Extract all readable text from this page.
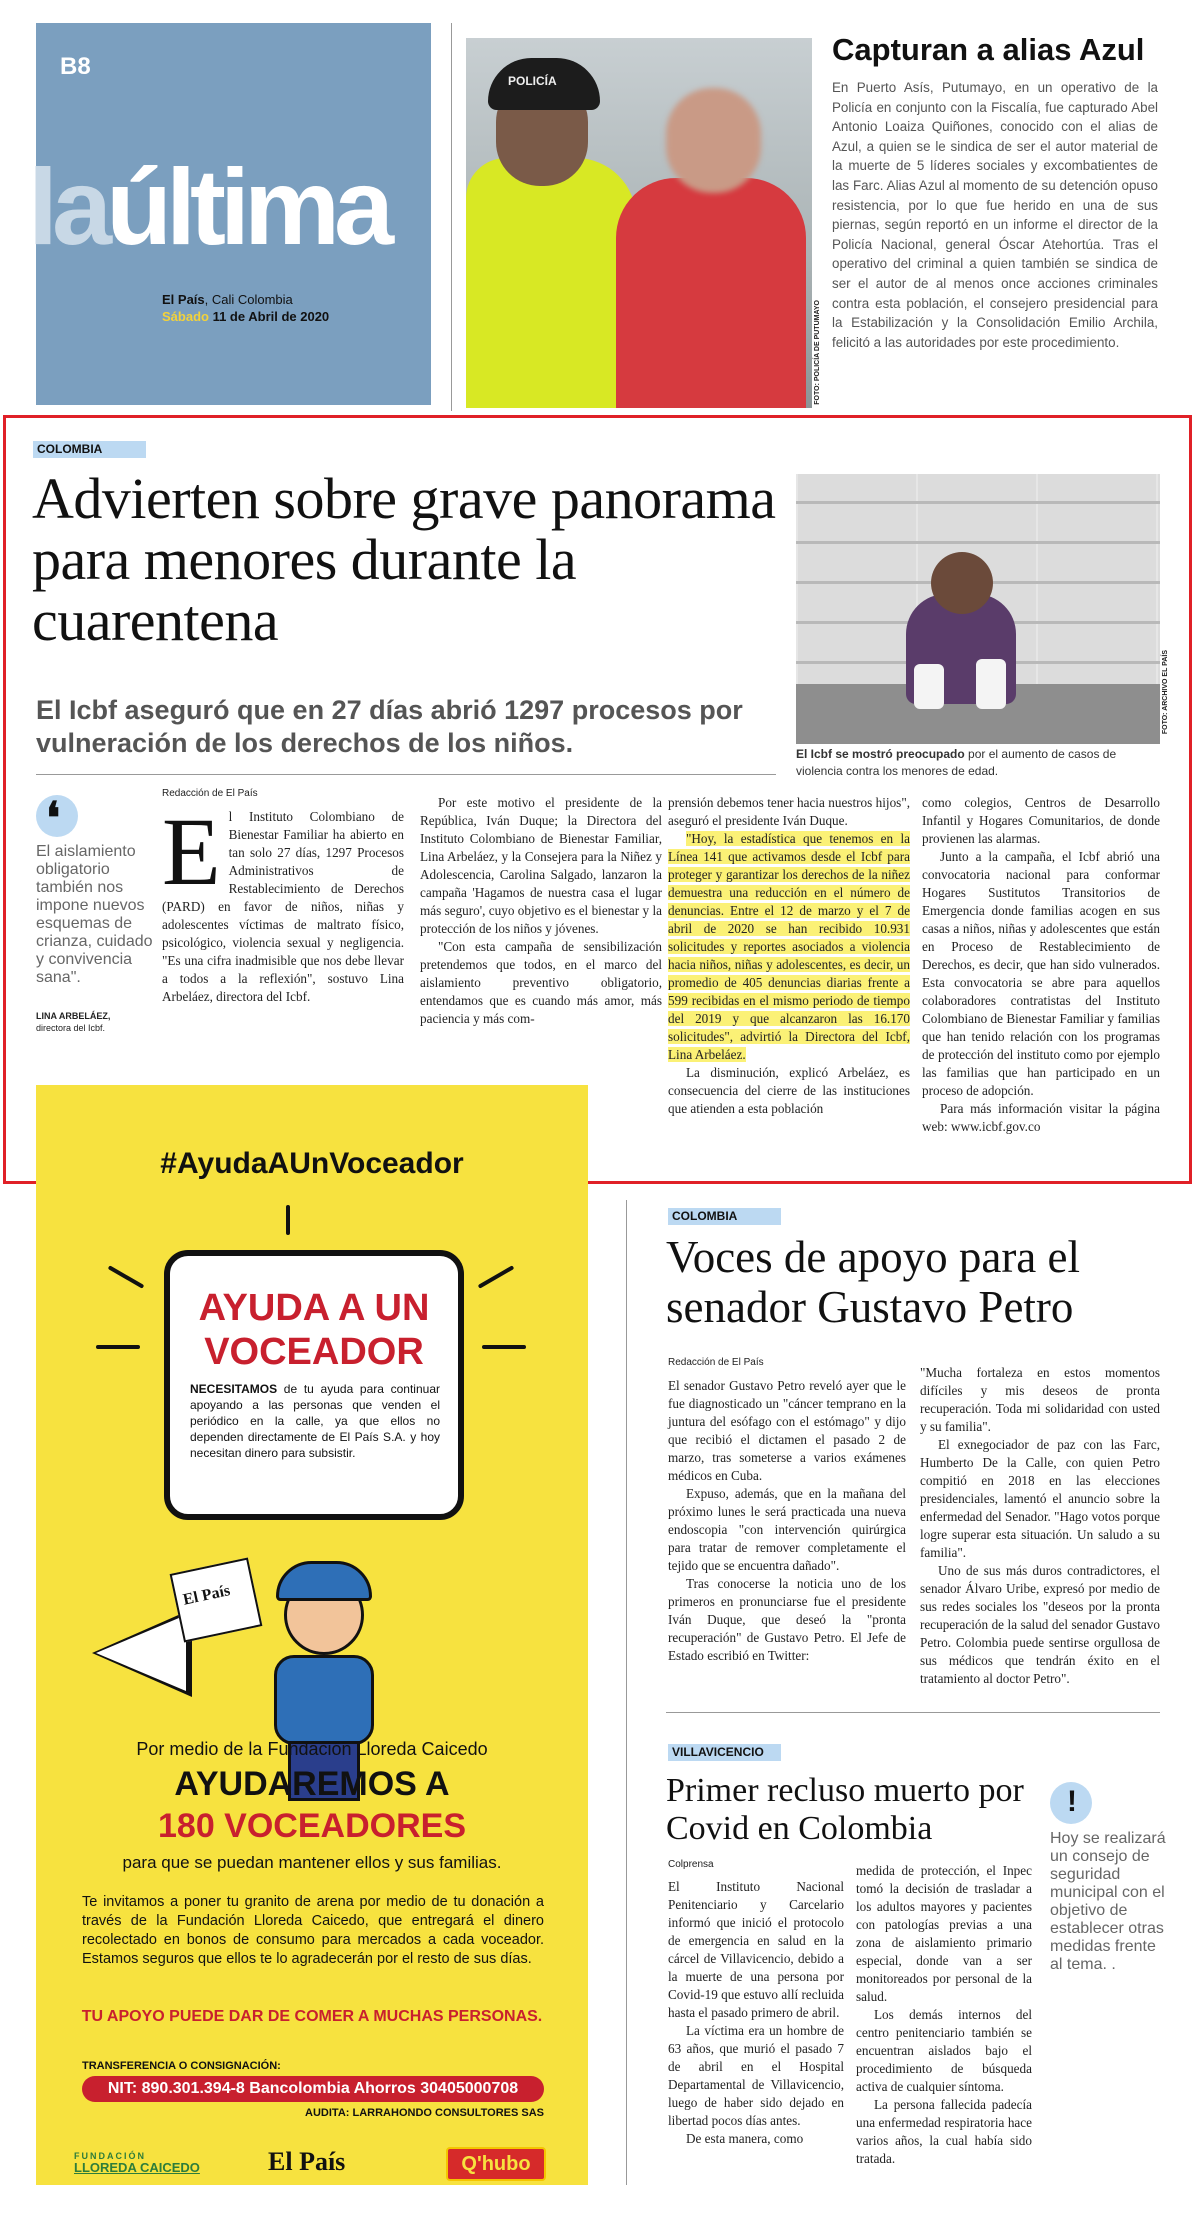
B8
laúltima
El País, Cali Colombia
Sábado 11 de Abril de 2020
POLICÍA
FOTO: POLICÍA DE PUTUMAYO
Capturan a alias Azul
En Puerto Asís, Putumayo, en un operativo de la Policía en conjunto con la Fiscalía, fue capturado Abel Antonio Loaiza Quiñones, conocido con el alias de Azul, a quien se le sindica de ser el autor material de la muerte de 5 líderes sociales y excombatientes de las Farc. Alias Azul al momento de su detención opuso resistencia, por lo que fue herido en una de sus piernas, según reportó en un informe el director de la Policía Nacional, general Óscar Atehortúa. Tras el operativo del criminal a quien también se sindica de ser el autor de al menos once acciones criminales contra esta población, el consejero presidencial para la Estabilización y la Consolidación Emilio Archila, felicitó a las autoridades por este procedimiento.
COLOMBIA
Advierten sobre grave panorama para menores durante la cuarentena
El Icbf aseguró que en 27 días abrió 1297 procesos por vulneración de los derechos de los niños.
FOTO: ARCHIVO EL PAÍS
El Icbf se mostró preocupado por el aumento de casos de violencia contra los menores de edad.
❛
El aislamiento obligatorio también nos impone nuevos esquemas de crianza, cuidado y convivencia sana".
LINA ARBELÁEZ,
directora del Icbf.
Redacción de El País
El Instituto Colombiano de Bienestar Familiar ha abierto en tan solo 27 días, 1297 Procesos Administrativos de Restablecimiento de Derechos (PARD) en favor de niños, niñas y adolescentes víctimas de maltrato físico, psicológico, violencia sexual y negligencia. "Es una cifra inadmisible que nos debe llevar a todos a la reflexión", sostuvo Lina Arbeláez, directora del Icbf.

Por este motivo el presidente de la República, Iván Duque; la Directora del Instituto Colombiano de Bienestar Familiar, Lina Arbeláez, y la Consejera para la Niñez y Adolescencia, Carolina Salgado, lanzaron la campaña 'Hagamos de nuestra casa el lugar más seguro', cuyo objetivo es el bienestar y la protección de los niños y jóvenes.

"Con esta campaña de sensibilización pretendemos que todos, en el marco del aislamiento preventivo obligatorio, entendamos que es cuando más amor, más paciencia y más com-

prensión debemos tener hacia nuestros hijos", aseguró el presidente Iván Duque.

"Hoy, la estadística que tenemos en la Línea 141 que activamos desde el Icbf para proteger y garantizar los derechos de la niñez demuestra una reducción en el número de denuncias. Entre el 12 de marzo y el 7 de abril de 2020 se han recibido 10.931 solicitudes y reportes asociados a violencia hacia niños, niñas y adolescentes, es decir, un promedio de 405 denuncias diarias frente a 599 recibidas en el mismo periodo de tiempo del 2019 y que alcanzaron las 16.170 solicitudes", advirtió la Directora del Icbf, Lina Arbeláez.

La disminución, explicó Arbeláez, es consecuencia del cierre de las instituciones que atienden a esta población

como colegios, Centros de Desarrollo Infantil y Hogares Comunitarios, de donde provienen las alarmas.

Junto a la campaña, el Icbf abrió una convocatoria nacional para conformar Hogares Sustitutos Transitorios de Emergencia donde familias acogen en sus casas a niños, niñas y adolescentes que están en Proceso de Restablecimiento de Derechos, es decir, que han sido vulnerados. Esta convocatoria se abre para aquellos colaboradores contratistas del Instituto Colombiano de Bienestar Familiar y familias que han tenido relación con los programas de protección del instituto como por ejemplo las familias que han participado en un proceso de adopción.

Para más información visitar la página web: www.icbf.gov.co

#AyudaAUnVoceador
AYUDA A UN VOCEADOR
NECESITAMOS de tu ayuda para continuar apoyando a las personas que venden el periódico en la calle, ya que ellos no dependen directamente de El País S.A. y hoy necesitan dinero para subsistir.
El País
Por medio de la Fundación Lloreda Caicedo
AYUDAREMOS A
180 VOCEADORES
para que se puedan mantener ellos y sus familias.
Te invitamos a poner tu granito de arena por medio de tu donación a través de la Fundación Lloreda Caicedo, que entregará el dinero recolectado en bonos de consumo para mercados a cada voceador. Estamos seguros que ellos te lo agradecerán por el resto de sus días.
TU APOYO PUEDE DAR DE COMER A MUCHAS PERSONAS.
TRANSFERENCIA O CONSIGNACIÓN:
NIT: 890.301.394-8 Bancolombia Ahorros 30405000708
AUDITA: LARRAHONDO CONSULTORES SAS
FUNDACIÓN
LLOREDA CAICEDO	El País	Q'hubo
COLOMBIA
Voces de apoyo para el senador Gustavo Petro
Redacción de El País

El senador Gustavo Petro reveló ayer que le fue diagnosticado un "cáncer temprano en la juntura del esófago con el estómago" y dijo que recibió el dictamen el pasado 2 de marzo, tras someterse a varios exámenes médicos en Cuba.

Expuso, además, que en la mañana del próximo lunes le será practicada una nueva endoscopia "con intervención quirúrgica para tratar de remover completamente el tejido que se encuentra dañado".

Tras conocerse la noticia uno de los primeros en pronunciarse fue el presidente Iván Duque, que deseó la "pronta recuperación" de Gustavo Petro. El Jefe de Estado escribió en Twitter:

"Mucha fortaleza en estos momentos difíciles y mis deseos de pronta recuperación. Toda mi solidaridad con usted y su familia".

El exnegociador de paz con las Farc, Humberto De la Calle, con quien Petro compitió en 2018 en las elecciones presidenciales, lamentó el anuncio sobre la enfermedad del Senador. "Hago votos porque logre superar esta situación. Un saludo a su familia".

Uno de sus más duros contradictores, el senador Álvaro Uribe, expresó por medio de sus redes sociales los "deseos por la pronta recuperación de la salud del senador Gustavo Petro. Colombia puede sentirse orgullosa de sus médicos que tendrán éxito en el tratamiento al doctor Petro".

VILLAVICENCIO
Primer recluso muerto por Covid en Colombia
Colprensa

El Instituto Nacional Penitenciario y Carcelario informó que inició el protocolo de emergencia en salud en la cárcel de Villavicencio, debido a la muerte de una persona por Covid-19 que estuvo allí recluida hasta el pasado primero de abril.

La víctima era un hombre de 63 años, que murió el pasado 7 de abril en el Hospital Departamental de Villavicencio, luego de haber sido dejado en libertad pocos días antes.

De esta manera, como

medida de protección, el Inpec tomó la decisión de trasladar a los adultos mayores y pacientes con patologías previas a una zona de aislamiento primario especial, donde van a ser monitoreados por personal de la salud.

Los demás internos del centro penitenciario también se encuentran aislados bajo el procedimiento de búsqueda activa de cualquier síntoma.

La persona fallecida padecía una enfermedad respiratoria hace varios años, la cual había sido tratada.

!
Hoy se realizará un consejo de seguridad municipal con el objetivo de establecer otras medidas frente al tema. .
